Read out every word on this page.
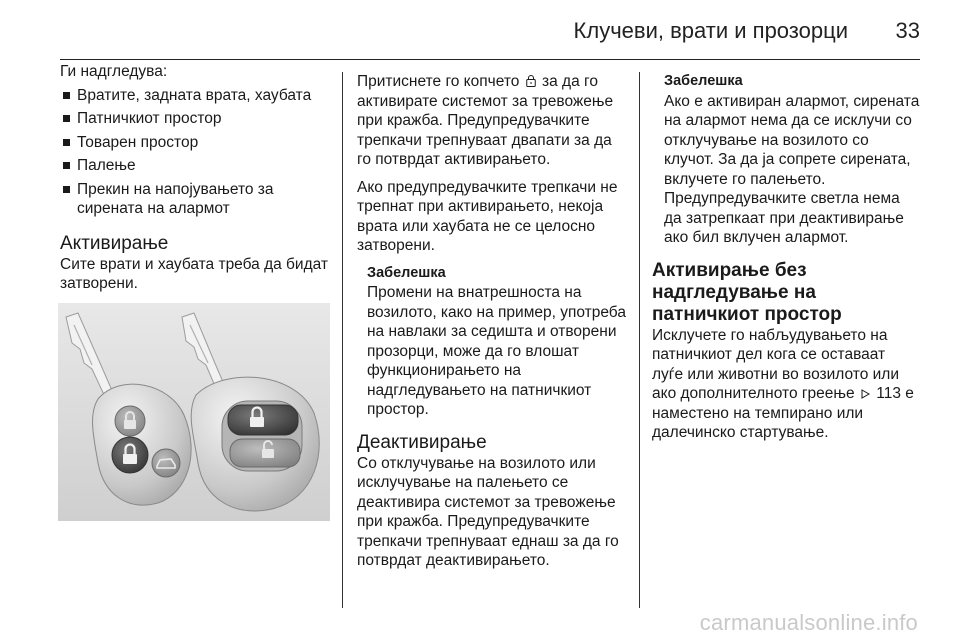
Клучеви, врати и прозорци 33

Ги надгледува:

Вратите, задната врата, хаубата
Патничкиот простор
Товарен простор
Палење
Прекин на напојувањето за сирената на алармот
Активирање

Сите врати и хаубата треба да бидат затворени.

Притиснете го копчето за да го активирате системот за тревожење при кражба. Предупредувачките трепкачи трепнуваат двапати за да го потврдат активирањето.

Ако предупредувачките трепкачи не трепнат при активирањето, некоја врата или хаубата не се целосно затворени.

Забелешка
Промени на внатрешноста на возилото, како на пример, употреба на навлаки за седишта и отворени прозорци, може да го влошат функционирањето на надгледувањето на патничкиот простор.
Деактивирање

Со отклучување на возилото или исклучување на палењето се деактивира системот за тревожење при кражба. Предупредувачките трепкачи трепнуваат еднаш за да го потврдат деактивирањето.

Забелешка
Ако е активиран алармот, сирената на алармот нема да се исклучи со отклучување на возилото со клучот. За да ја сопрете сирената, вклучете го палењето. Предупредувачките светла нема да затрепкаат при деактивирање ако бил вклучен алармот.
Активирање без надгледување на патничкиот простор

Исклучете го набљудувањето на патничкиот дел кога се оставаат луѓе или животни во возилото или ако дополнителното греење 113 е наместено на темпирано или далечинско стартување.

carmanualsonline.info
